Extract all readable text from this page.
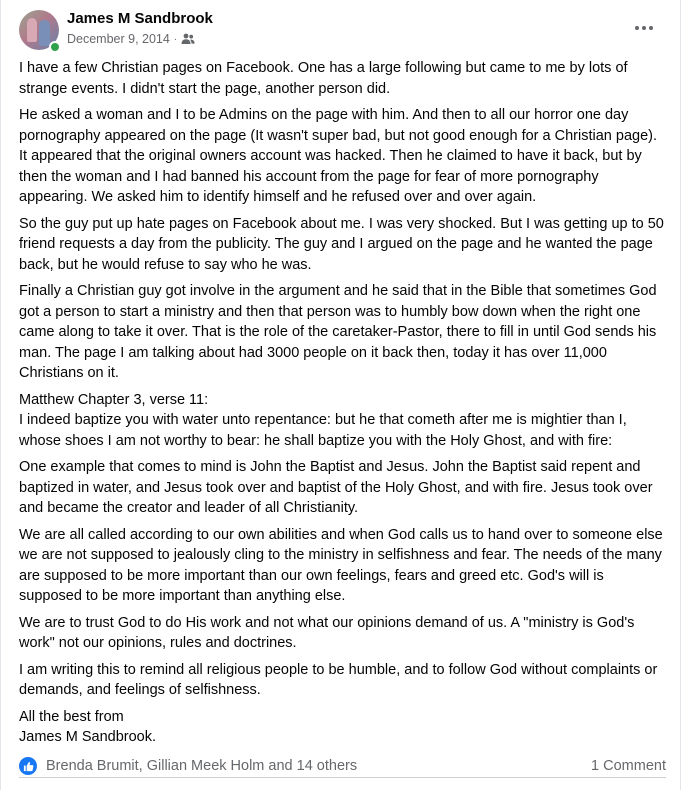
James M Sandbrook
December 9, 2014 ·

I have a few Christian pages on Facebook. One has a large following but came to me by lots of strange events. I didn't start the page, another person did.

He asked a woman and I to be Admins on the page with him. And then to all our horror one day pornography appeared on the page (It wasn't super bad, but not good enough for a Christian page). It appeared that the original owners account was hacked. Then he claimed to have it back, but by then the woman and I had banned his account from the page for fear of more pornography appearing. We asked him to identify himself and he refused over and over again.

So the guy put up hate pages on Facebook about me. I was very shocked. But I was getting up to 50 friend requests a day from the publicity. The guy and I argued on the page and he wanted the page back, but he would refuse to say who he was.

Finally a Christian guy got involve in the argument and he said that in the Bible that sometimes God got a person to start a ministry and then that person was to humbly bow down when the right one came along to take it over. That is the role of the caretaker-Pastor, there to fill in until God sends his man. The page I am talking about had 3000 people on it back then, today it has over 11,000 Christians on it.

Matthew Chapter 3, verse 11:
I indeed baptize you with water unto repentance: but he that cometh after me is mightier than I, whose shoes I am not worthy to bear: he shall baptize you with the Holy Ghost, and with fire:

One example that comes to mind is John the Baptist and Jesus. John the Baptist said repent and baptized in water, and Jesus took over and baptist of the Holy Ghost, and with fire. Jesus took over and became the creator and leader of all Christianity.

We are all called according to our own abilities and when God calls us to hand over to someone else we are not supposed to jealously cling to the ministry in selfishness and fear. The needs of the many are supposed to be more important than our own feelings, fears and greed etc. God's will is supposed to be more important than anything else.

We are to trust God to do His work and not what our opinions demand of us. A "ministry is God's work" not our opinions, rules and doctrines.

I am writing this to remind all religious people to be humble, and to follow God without complaints or demands, and feelings of selfishness.

All the best from
James M Sandbrook.

Brenda Brumit, Gillian Meek Holm and 14 others	1 Comment
